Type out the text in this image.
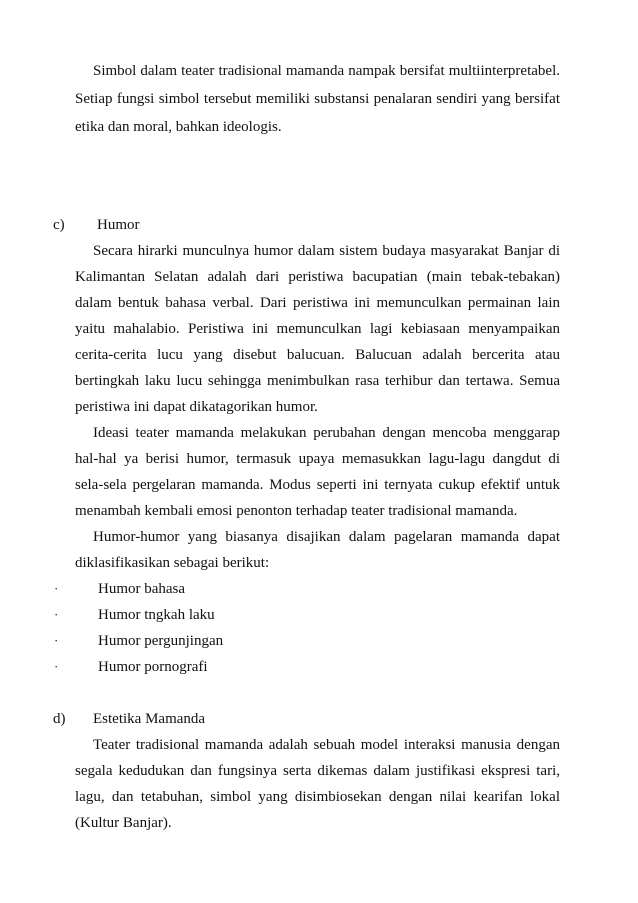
Simbol dalam teater tradisional mamanda nampak bersifat multiinterpretabel.
Setiap fungsi simbol tersebut memiliki substansi penalaran sendiri yang bersifat
etika dan moral, bahkan ideologis.
c) Humor
Secara hirarki munculnya humor dalam sistem budaya masyarakat Banjar di
Kalimantan Selatan adalah dari peristiwa bacupatian (main tebak-tebakan)
dalam bentuk bahasa verbal. Dari peristiwa ini memunculkan permainan lain
yaitu mahalabio. Peristiwa ini memunculkan lagi kebiasaan menyampaikan
cerita-cerita lucu yang disebut balucuan. Balucuan adalah bercerita atau
bertingkah laku lucu sehingga menimbulkan rasa terhibur dan tertawa. Semua
peristiwa ini dapat dikatagorikan humor.
Ideasi teater mamanda melakukan perubahan dengan mencoba menggarap
hal-hal ya berisi humor, termasuk upaya memasukkan lagu-lagu dangdut di
sela-sela pergelaran mamanda. Modus seperti ini ternyata cukup efektif untuk
menambah kembali emosi penonton terhadap teater tradisional mamanda.
Humor-humor yang biasanya disajikan dalam pagelaran mamanda dapat
diklasifikasikan sebagai berikut:
·	Humor bahasa
·	Humor tngkah laku
·	Humor pergunjingan
·	Humor pornografi
d) Estetika Mamanda
Teater tradisional mamanda adalah sebuah model interaksi manusia dengan
segala kedudukan dan fungsinya serta dikemas dalam justifikasi ekspresi tari,
lagu, dan tetabuhan, simbol yang disimbiosekan dengan nilai kearifan lokal
(Kultur Banjar).
